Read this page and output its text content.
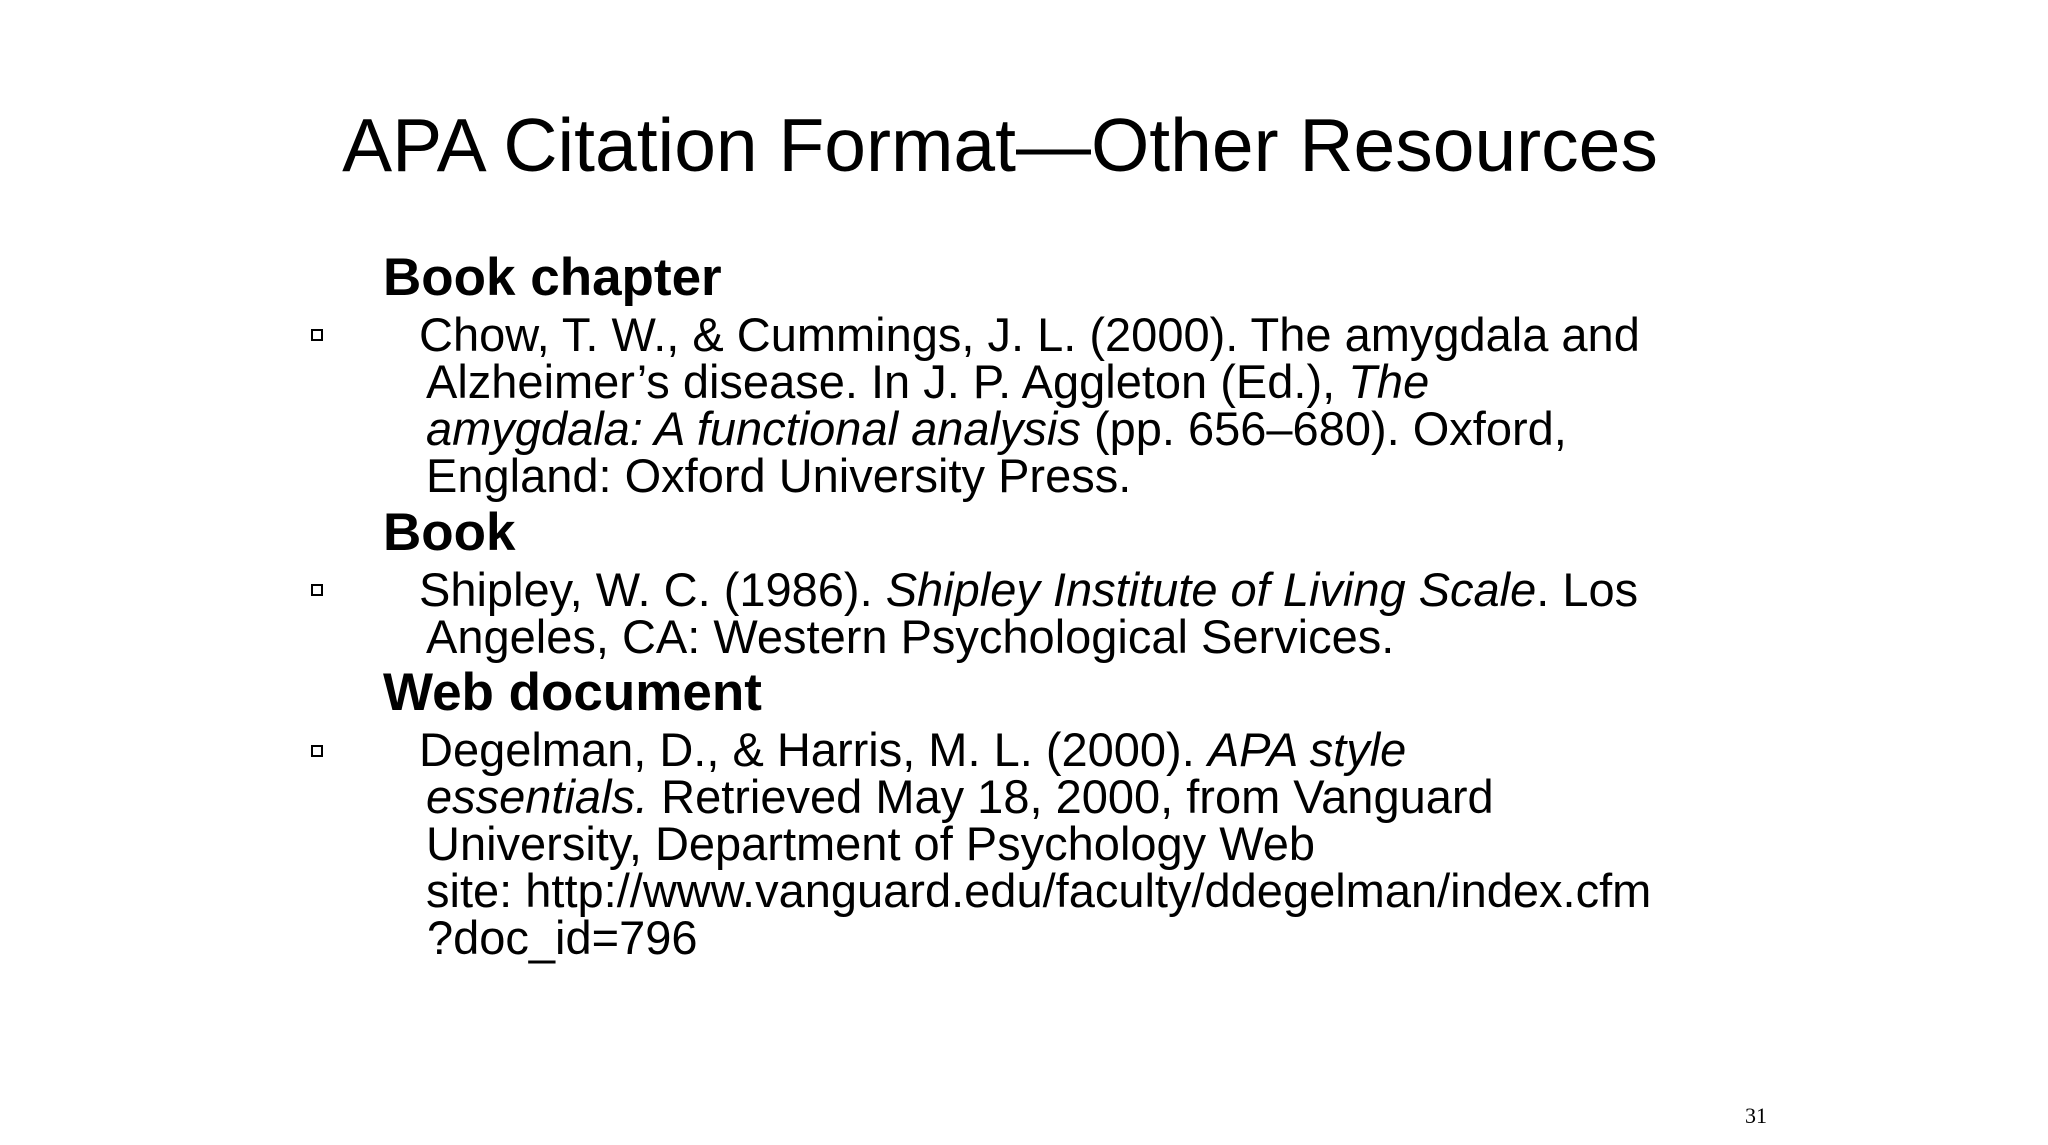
APA Citation Format—Other Resources
Book chapter
Chow, T. W., & Cummings, J. L. (2000). The amygdala and
Alzheimer’s disease. In J. P. Aggleton (Ed.), The
amygdala: A functional analysis (pp. 656–680). Oxford,
England: Oxford University Press.
Book
Shipley, W. C. (1986). Shipley Institute of Living Scale. Los
Angeles, CA: Western Psychological Services.
Web document
Degelman, D., & Harris, M. L. (2000). APA style
essentials. Retrieved May 18, 2000, from Vanguard
University, Department of Psychology Web
site: http://www.vanguard.edu/faculty/ddegelman/index.cfm
?doc_id=796
31
